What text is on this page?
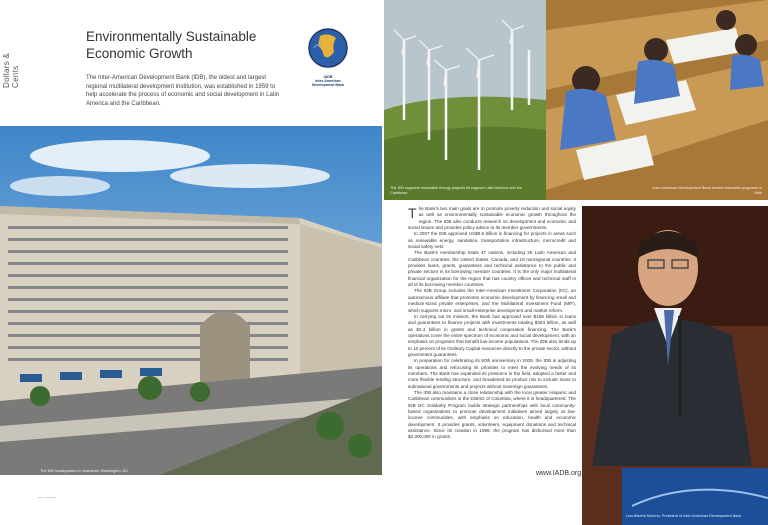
Dollars & Cents
Environmentally Sustainable Economic Growth
The Inter-American Development Bank (IDB), the oldest and largest regional multilateral development institution, was established in 1959 to help accelerate the process of economic and social development in Latin America and the Caribbean.
IADB
Inter-American
Development Bank
The IDB headquarters in downtown Washington, DC
The IDB supports renewable energy projects throughout Latin America and the Caribbean
Inter-American Development Bank-funded education programs in Haiti

The Bank's two main goals are to promote poverty reduction and social equity as well as environmentally sustainable economic growth throughout the region. The IDB also conducts research on development and economic and social issues and provides policy advice to its member governments.

In 2007 the IDB approved US$8.8 billion in financing for projects in areas such as renewable energy, sanitation, transportation infrastructure, microcredit and social safety nets.

The Bank's membership totals 47 nations, including 26 Latin American and Caribbean countries, the United States, Canada, and 19 nonregional countries. It provides loans, grants, guarantees and technical assistance to the public and private sectors in its borrowing member countries. It is the only major multilateral financial organization for the region that has country offices and technical staff in all of its borrowing member countries.

The IDB Group includes the Inter-American Investment Corporation (IIC), an autonomous affiliate that promotes economic development by financing small and medium-sized private enterprises, and the Multilateral Investment Fund (MIF), which supports micro- and small-enterprise development and market reform.

In carrying out its mission, the Bank has approved over $155 billion in loans and guarantees to finance projects with investments totaling $353 billion, as well as $2.4 billion in grants and technical cooperation financing. The Bank's operations cover the entire spectrum of economic and social development, with an emphasis on programs that benefit low-income populations. The IDB also lends up to 10 percent of its Ordinary Capital resources directly to the private sector, without government guarantees.

In preparation for celebrating its 50th anniversary in 2009, the IDB is adjusting its operations and refocusing its priorities to meet the evolving needs of its members. The Bank has expanded its presence in the field, adopted a faster and more flexible lending structure, and broadened its product mix to include loans to subnational governments and projects without sovereign guarantees.

The IDB also maintains a close relationship with the local greater Hispanic and Caribbean communities in the District of Columbia, where it is headquartered. The IDB DC Solidarity Program builds strategic partnerships with local community-based organizations to promote development initiatives aimed largely at low-income communities, with emphasis on education, health and economic development. It provides grants, volunteers, equipment donations and technical assistance. Since its creation in 1998, the program has disbursed more than $2,300,000 in grants.

www.IADB.org
Luis Alberto Moreno, President of Inter-American Development Bank
— ——
